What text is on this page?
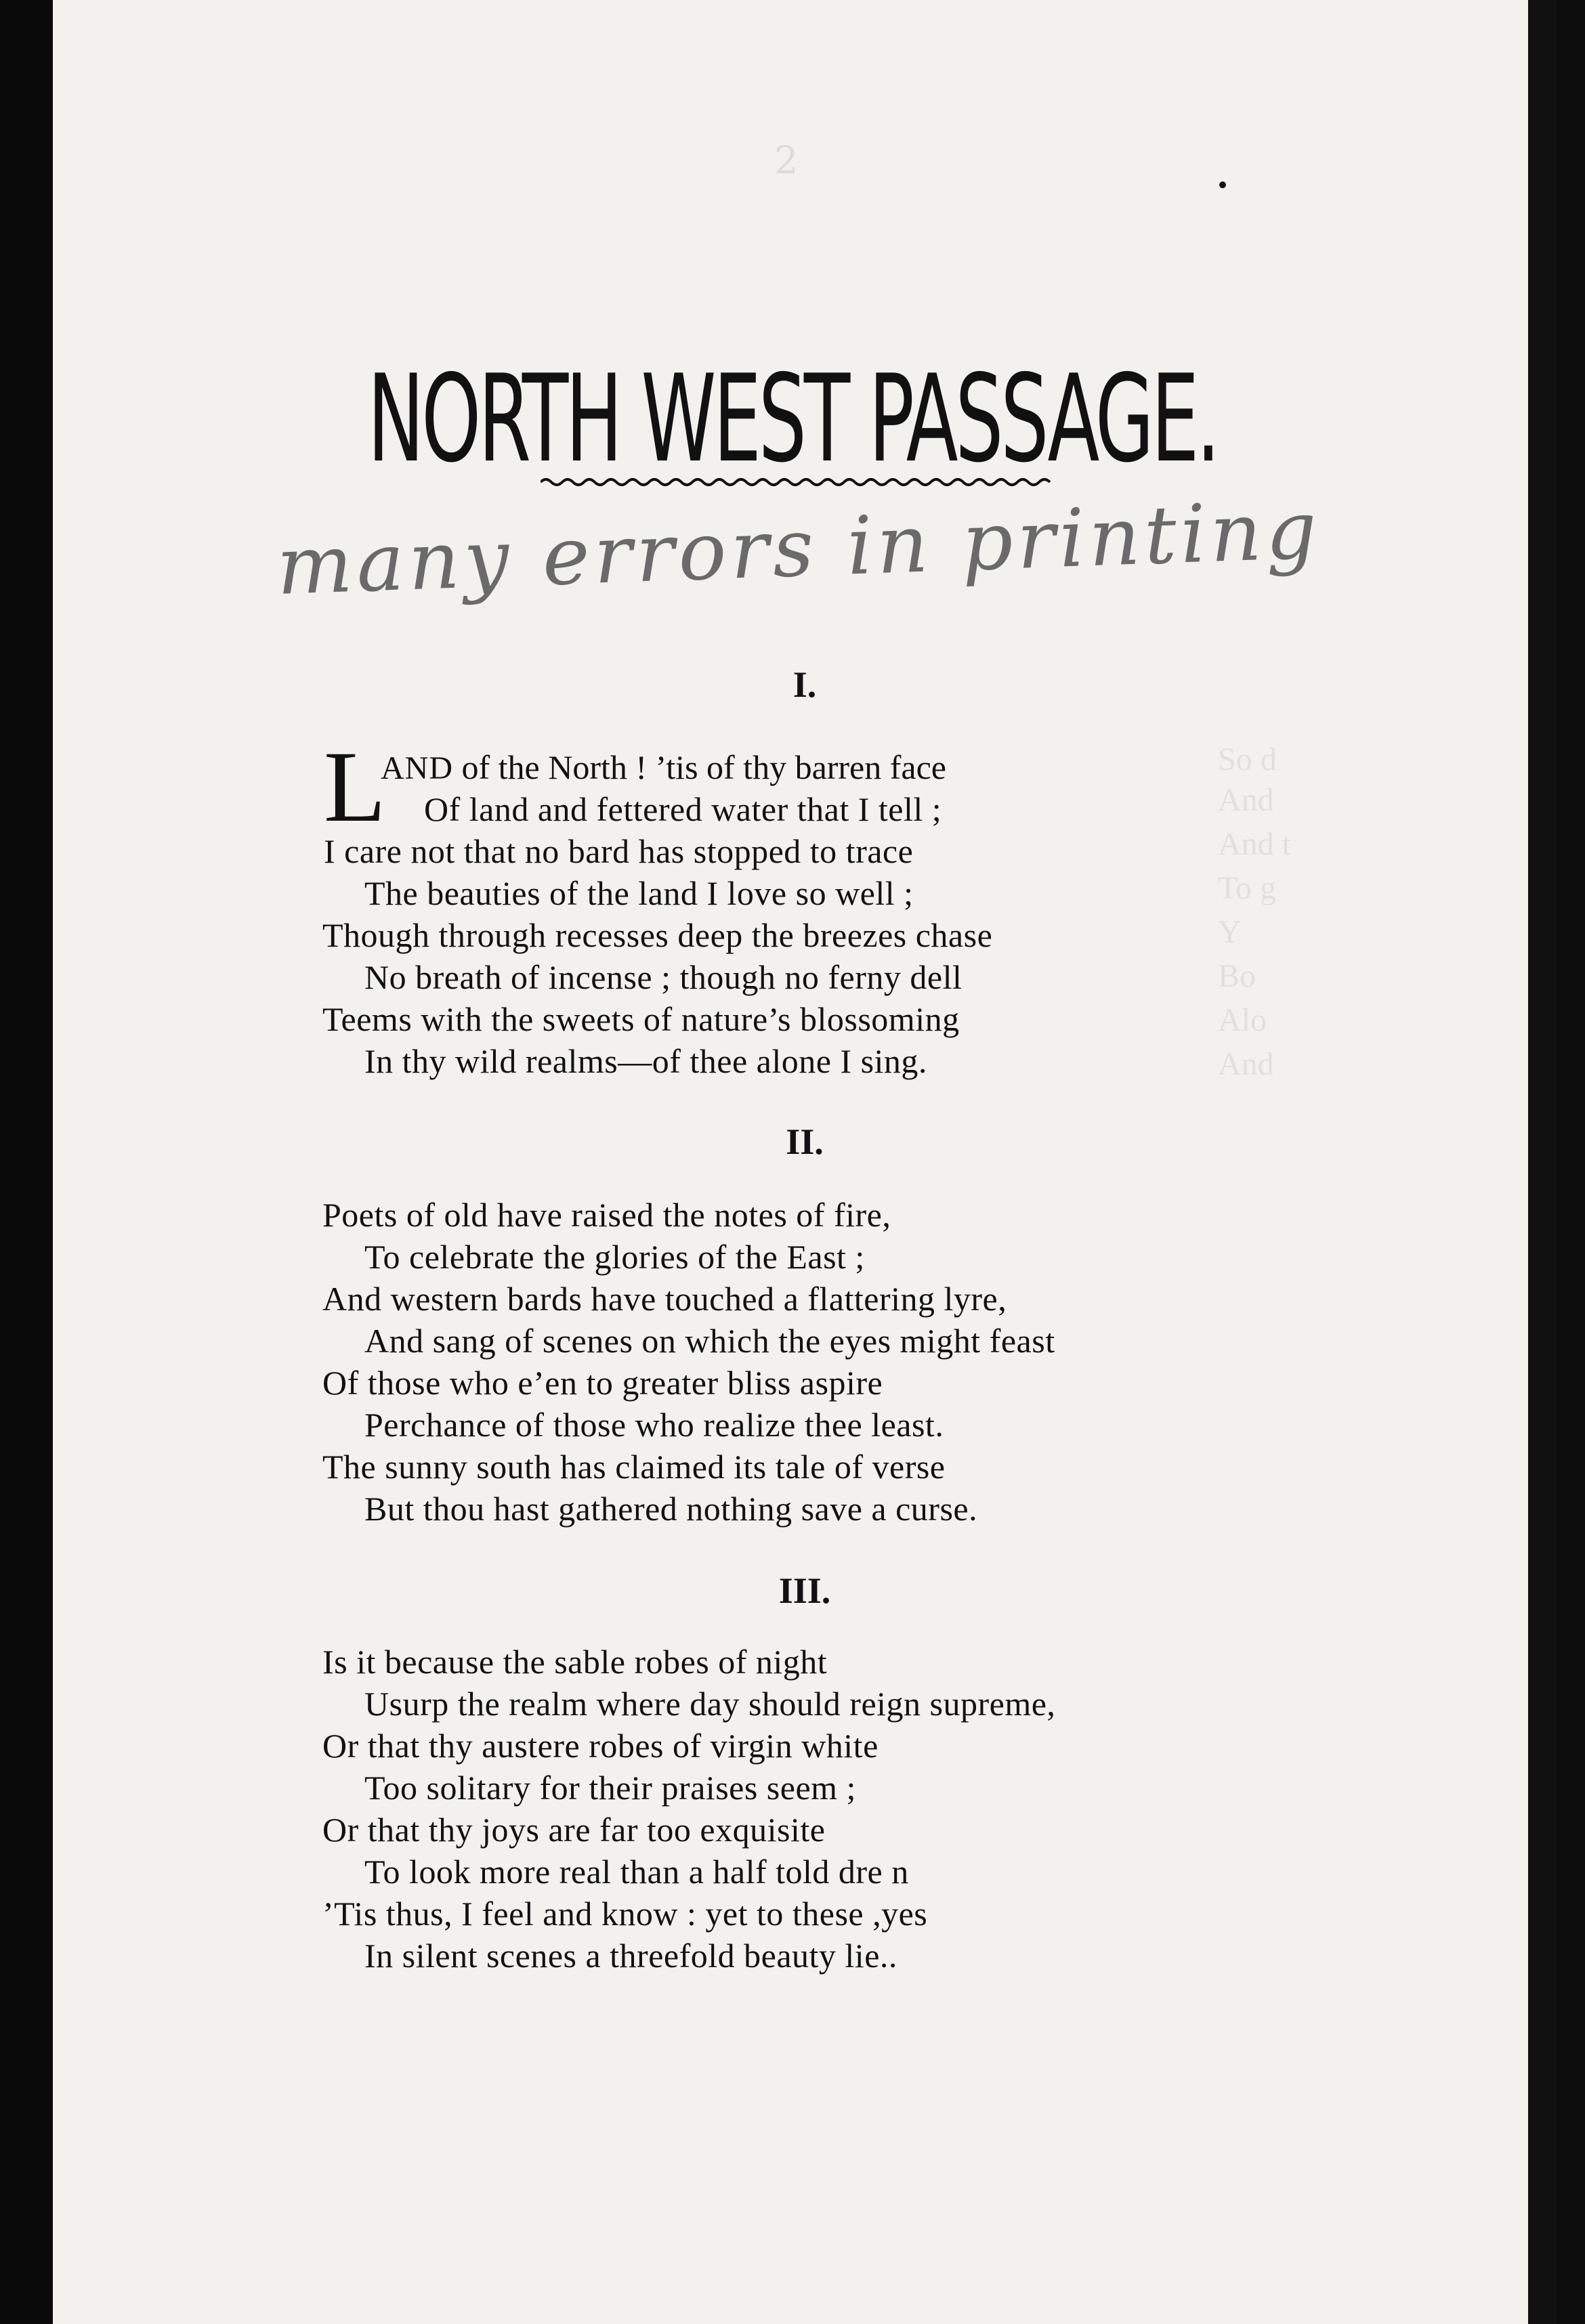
So d
And
And t
To g
Y
Bo
Alo
And
2
NORTH WEST PASSAGE.
many errors in printing
I.
L
AND of the North ! ’tis of thy barren face
Of land and fettered water that I tell ;
I care not that no bard has stopped to trace
The beauties of the land I love so well ;
Though through recesses deep the breezes chase
No breath of incense ; though no ferny dell
Teems with the sweets of nature’s blossoming
In thy wild realms—of thee alone I sing.
II.
Poets of old have raised the notes of fire,
To celebrate the glories of the East ;
And western bards have touched a flattering lyre,
And sang of scenes on which the eyes might feast
Of those who e’en to greater bliss aspire
Perchance of those who realize thee least.
The sunny south has claimed its tale of verse
But thou hast gathered nothing save a curse.
III.
Is it because the sable robes of night
Usurp the realm where day should reign supreme,
Or that thy austere robes of virgin white
Too solitary for their praises seem ;
Or that thy joys are far too exquisite
To look more real than a half told dre n
’Tis thus, I feel and know : yet to these ,yes
In silent scenes a threefold beauty lie..
